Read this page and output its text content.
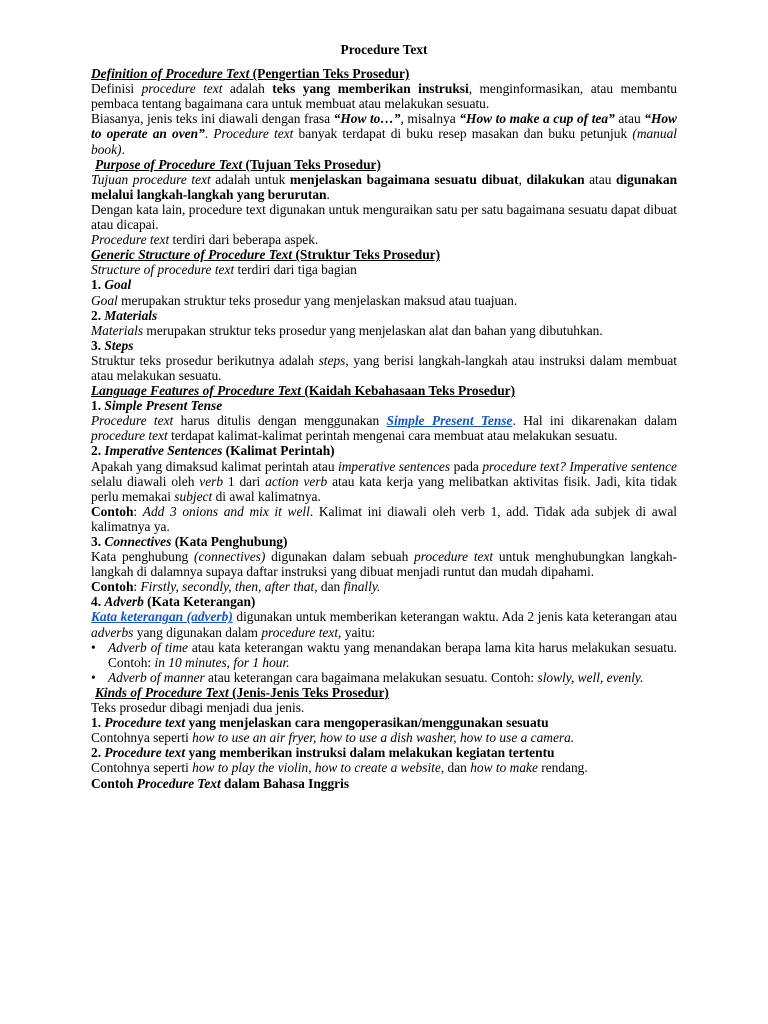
Procedure Text

Definition of Procedure Text (Pengertian Teks Prosedur)

Definisi procedure text adalah teks yang memberikan instruksi, menginformasikan, atau membantu pembaca tentang bagaimana cara untuk membuat atau melakukan sesuatu.

Biasanya, jenis teks ini diawali dengan frasa “How to…”, misalnya “How to make a cup of tea” atau “How to operate an oven”. Procedure text banyak terdapat di buku resep masakan dan buku petunjuk (manual book).

Purpose of Procedure Text (Tujuan Teks Prosedur)

Tujuan procedure text adalah untuk menjelaskan bagaimana sesuatu dibuat, dilakukan atau digunakan melalui langkah-langkah yang berurutan.

Dengan kata lain, procedure text digunakan untuk menguraikan satu per satu bagaimana sesuatu dapat dibuat atau dicapai.

Procedure text terdiri dari beberapa aspek.

Generic Structure of Procedure Text (Struktur Teks Prosedur)

Structure of procedure text terdiri dari tiga bagian

1. Goal

Goal merupakan struktur teks prosedur yang menjelaskan maksud atau tuajuan.

2. Materials

Materials merupakan struktur teks prosedur yang menjelaskan alat dan bahan yang dibutuhkan.

3. Steps

Struktur teks prosedur berikutnya adalah steps, yang berisi langkah-langkah atau instruksi dalam membuat atau melakukan sesuatu.

Language Features of Procedure Text (Kaidah Kebahasaan Teks Prosedur)

1. Simple Present Tense

Procedure text harus ditulis dengan menggunakan Simple Present Tense. Hal ini dikarenakan dalam procedure text terdapat kalimat-kalimat perintah mengenai cara membuat atau melakukan sesuatu.

2. Imperative Sentences (Kalimat Perintah)

Apakah yang dimaksud kalimat perintah atau imperative sentences pada procedure text? Imperative sentence selalu diawali oleh verb 1 dari action verb atau kata kerja yang melibatkan aktivitas fisik. Jadi, kita tidak perlu memakai subject di awal kalimatnya.

Contoh: Add 3 onions and mix it well. Kalimat ini diawali oleh verb 1, add. Tidak ada subjek di awal kalimatnya ya.

3. Connectives (Kata Penghubung)

Kata penghubung (connectives) digunakan dalam sebuah procedure text untuk menghubungkan langkah-langkah di dalamnya supaya daftar instruksi yang dibuat menjadi runtut dan mudah dipahami.

Contoh: Firstly, secondly, then, after that, dan finally.

4. Adverb (Kata Keterangan)

Kata keterangan (adverb) digunakan untuk memberikan keterangan waktu. Ada 2 jenis kata keterangan atau adverbs yang digunakan dalam procedure text, yaitu:

• Adverb of time atau kata keterangan waktu yang menandakan berapa lama kita harus melakukan sesuatu. Contoh: in 10 minutes, for 1 hour.
• Adverb of manner atau keterangan cara bagaimana melakukan sesuatu. Contoh: slowly, well, evenly.

Kinds of Procedure Text (Jenis-Jenis Teks Prosedur)

Teks prosedur dibagi menjadi dua jenis.

1. Procedure text yang menjelaskan cara mengoperasikan/menggunakan sesuatu

Contohnya seperti how to use an air fryer, how to use a dish washer, how to use a camera.

2. Procedure text yang memberikan instruksi dalam melakukan kegiatan tertentu

Contohnya seperti how to play the violin, how to create a website, dan how to make rendang.

Contoh Procedure Text dalam Bahasa Inggris
